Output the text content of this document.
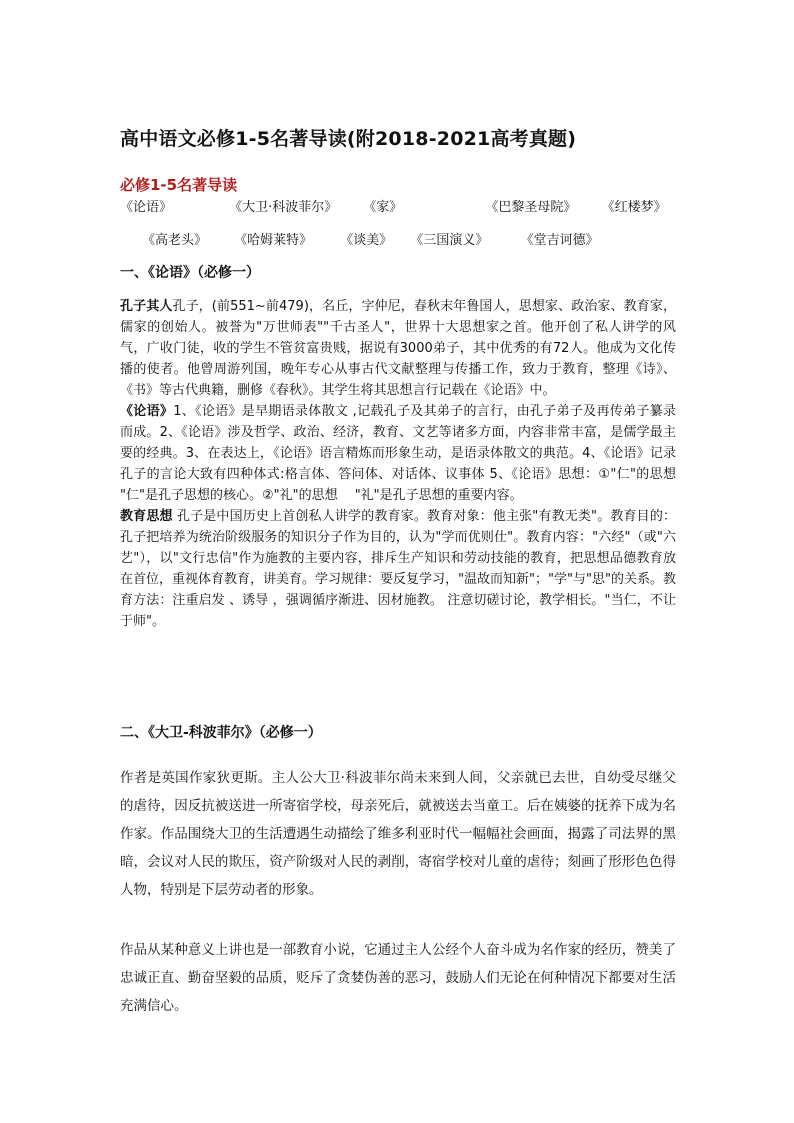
高中语文必修1-5名著导读(附2018-2021高考真题)
必修1-5名著导读
《论语》	《大卫·科波菲尔》 《家》	《巴黎圣母院》 《红楼梦》
《高老头》 《哈姆莱特》 《谈美》 《三国演义》 《堂吉诃德》
一、《论语》（必修一）
孔子其人孔子，(前551~前479)，名丘，字仲尼，春秋末年鲁国人，思想家、政治家、教育家，儒家的创始人。被誉为"万世师表""千古圣人"，世界十大思想家之首。他开创了私人讲学的风气，广收门徒，收的学生不管贫富贵贱，据说有3000弟子，其中优秀的有72人。他成为文化传播的使者。他曾周游列国，晚年专心从事古代文献整理与传播工作，致力于教育，整理《诗》、《书》等古代典籍，删修《春秋》。其学生将其思想言行记载在《论语》中。
《论语》1、《论语》是早期语录体散文 ,记载孔子及其弟子的言行，由孔子弟子及再传弟子纂录而成。2、《论语》涉及哲学、政治、经济，教育、文艺等诸多方面，内容非常丰富，是儒学最主要的经典。3、在表达上，《论语》语言精炼而形象生动，是语录体散文的典范。4、《论语》记录孔子的言论大致有四种体式:格言体、答问体、对话体、议事体 5、《论语》思想：①"仁"的思想　 "仁"是孔子思想的核心。②"礼"的思想　 "礼"是孔子思想的重要内容。
教育思想 孔子是中国历史上首创私人讲学的教育家。教育对象：他主张"有教无类"。教育目的：孔子把培养为统治阶级服务的知识分子作为目的，认为"学而优则仕"。教育内容："六经"（或"六艺"），以"文行忠信"作为施教的主要内容，排斥生产知识和劳动技能的教育，把思想品德教育放在首位，重视体育教育，讲美育。学习规律：要反复学习，"温故而知新"；"学"与"思"的关系。教育方法：注重启发 、诱导 ，强调循序渐进、因材施教。 注意切磋讨论，教学相长。"当仁，不让于师"。
二、《大卫-科波菲尔》（必修一）
作者是英国作家狄更斯。主人公大卫·科波菲尔尚未来到人间，父亲就已去世，自幼受尽继父的虐待，因反抗被送进一所寄宿学校，母亲死后，就被送去当童工。后在姨婆的抚养下成为名作家。作品围绕大卫的生活遭遇生动描绘了维多利亚时代一幅幅社会画面，揭露了司法界的黑暗，会议对人民的欺压，资产阶级对人民的剥削，寄宿学校对儿童的虐待；刻画了形形色色得人物，特别是下层劳动者的形象。
作品从某种意义上讲也是一部教育小说，它通过主人公经个人奋斗成为名作家的经历，赞美了忠诚正直、勤奋坚毅的品质，贬斥了贪婪伪善的恶习，鼓励人们无论在何种情况下都要对生活充满信心。
